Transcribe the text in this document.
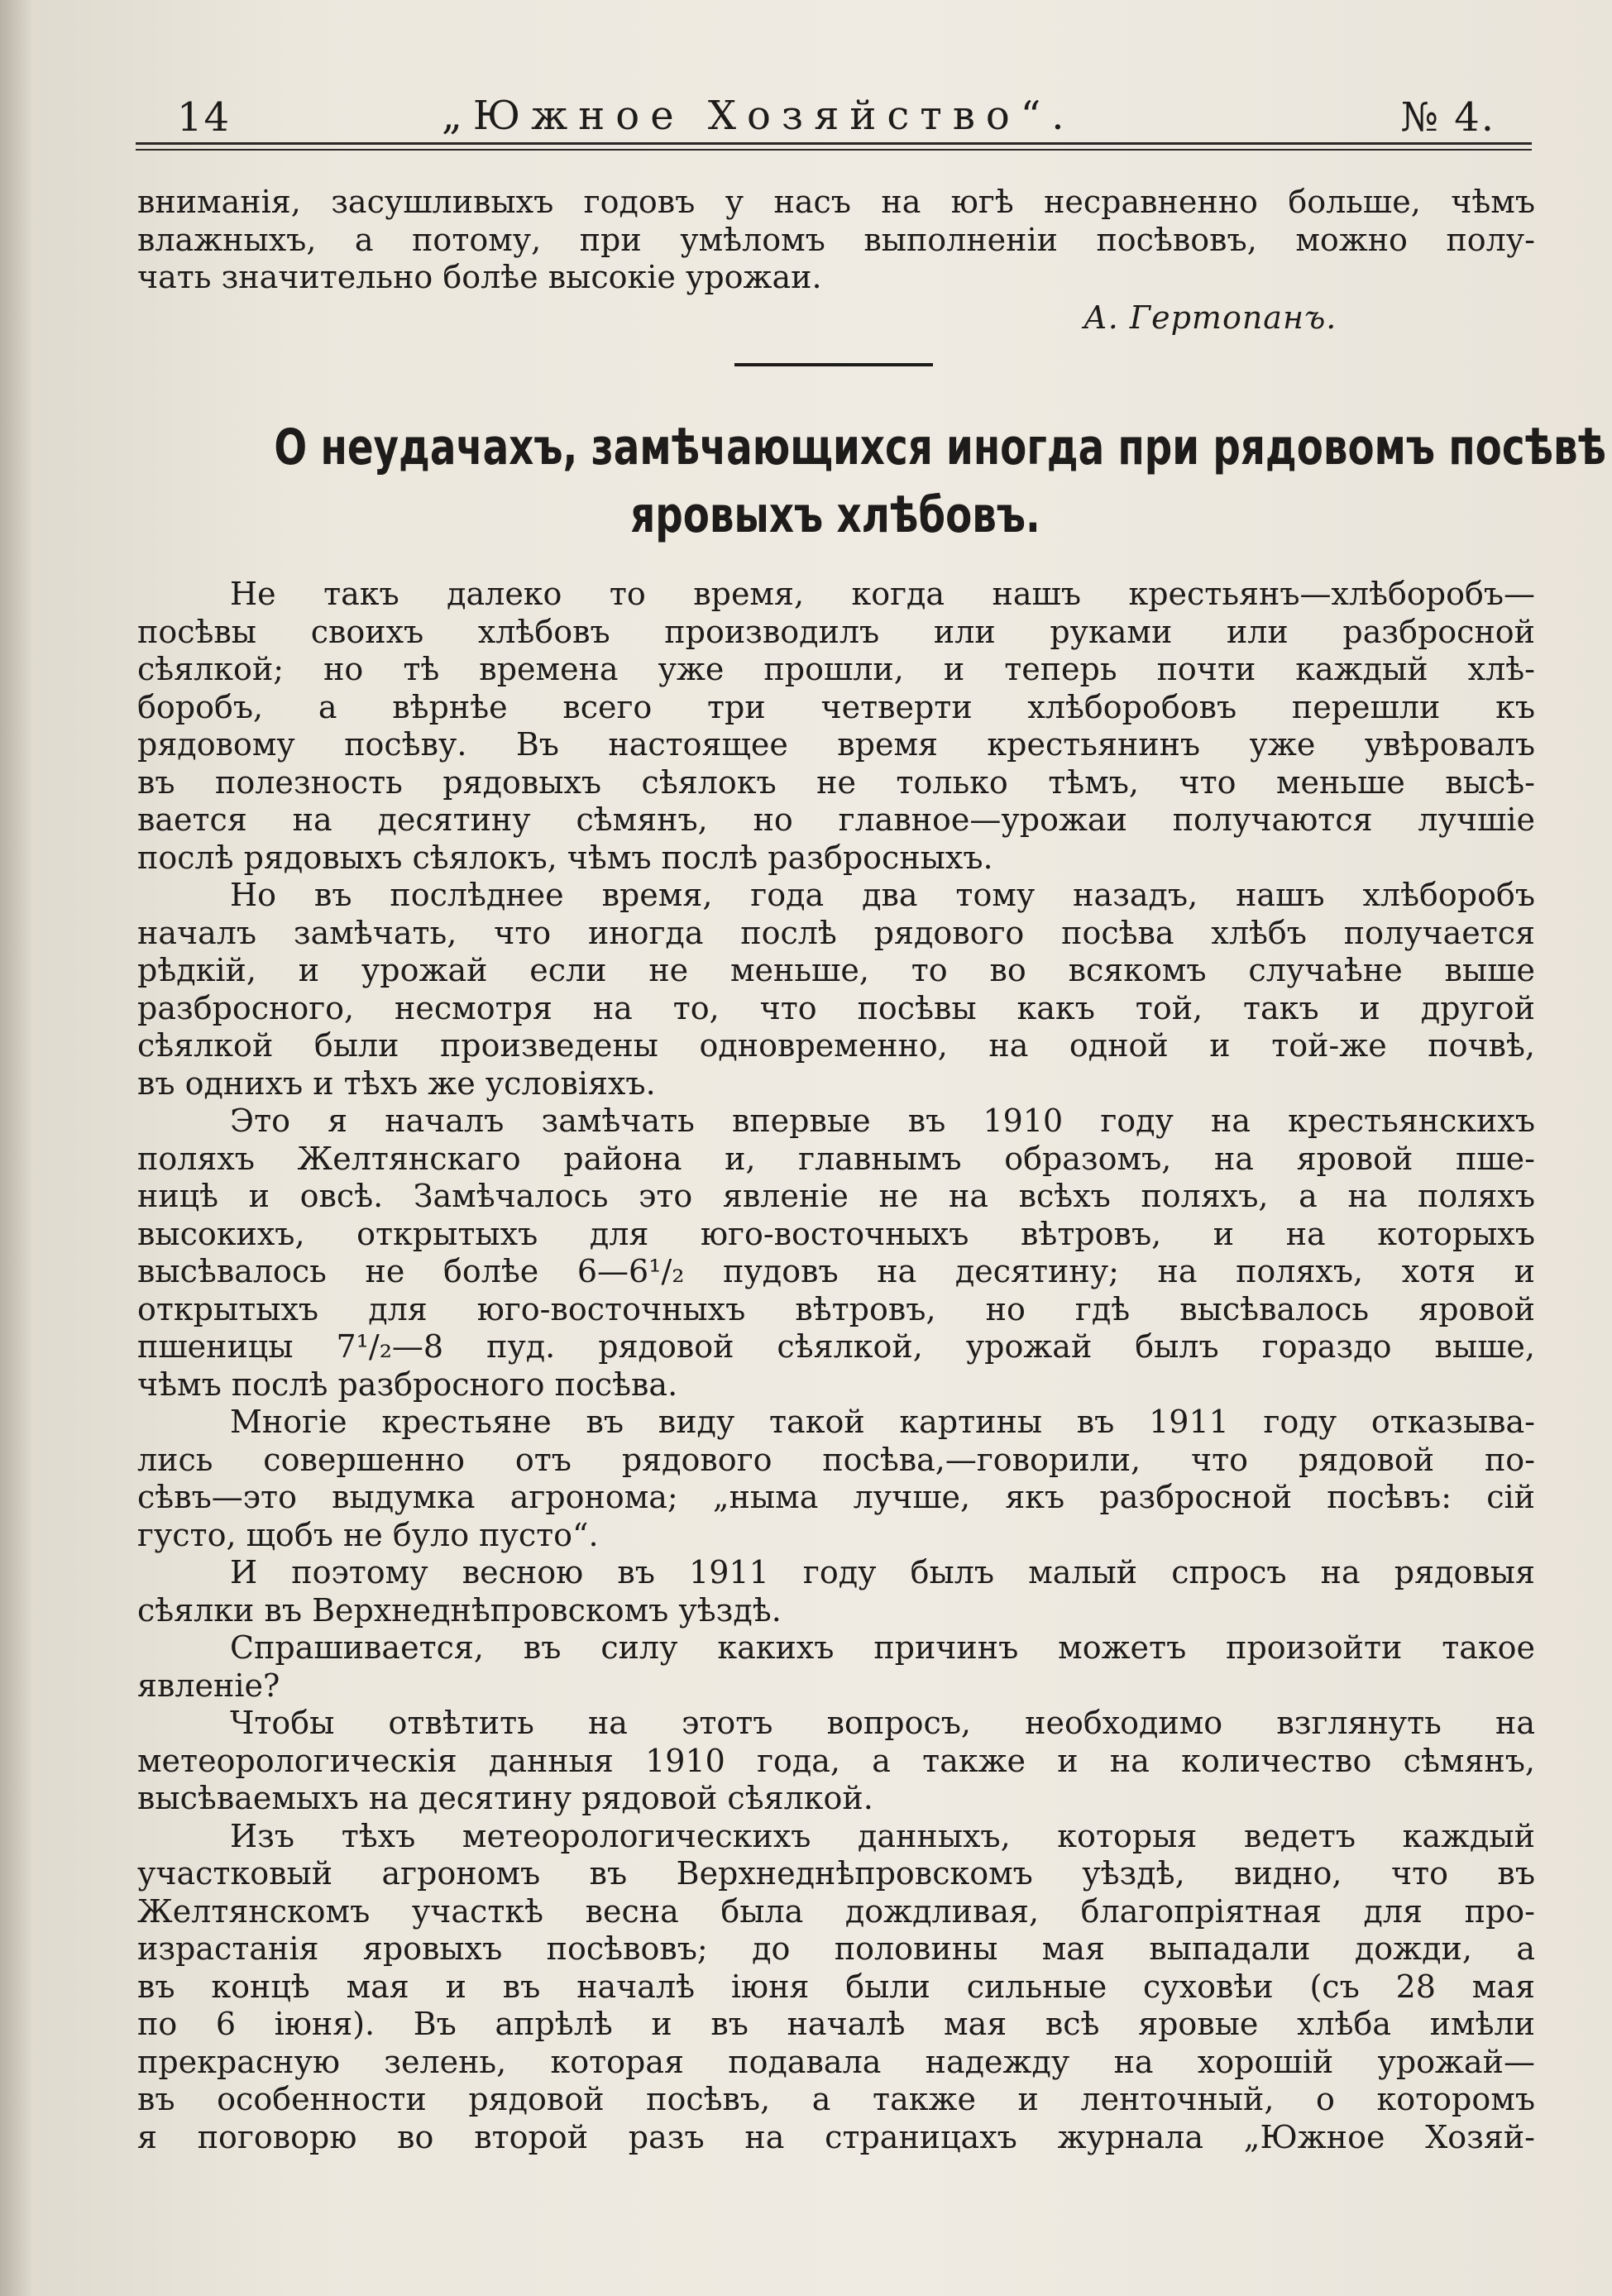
14	„Южное Хозяйство“.	№ 4.
вниманія, засушливыхъ годовъ у насъ на югѣ несравненно больше, чѣмъ
влажныхъ, а потому, при умѣломъ выполненіи посѣвовъ, можно полу-
чать значительно болѣе высокіе урожаи.
А. Гертопанъ.
О неудачахъ, замѣчающихся иногда при рядовомъ посѣвѣ
яровыхъ хлѣбовъ.
Не такъ далеко то время, когда нашъ крестьянъ—хлѣборобъ—
посѣвы своихъ хлѣбовъ производилъ или руками или разбросной
сѣялкой; но тѣ времена уже прошли, и теперь почти каждый хлѣ-
боробъ, а вѣрнѣе всего три четверти хлѣборобовъ перешли къ
рядовому посѣву. Въ настоящее время крестьянинъ уже увѣровалъ
въ полезность рядовыхъ сѣялокъ не только тѣмъ, что меньше высѣ-
вается на десятину сѣмянъ, но главное—урожаи получаются лучшіе
послѣ рядовыхъ сѣялокъ, чѣмъ послѣ разбросныхъ.
Но въ послѣднее время, года два тому назадъ, нашъ хлѣборобъ
началъ замѣчать, что иногда послѣ рядового посѣва хлѣбъ получается
рѣдкій, и урожай если не меньше, то во всякомъ случаѣне выше
разбросного, несмотря на то, что посѣвы какъ той, такъ и другой
сѣялкой были произведены одновременно, на одной и той-же почвѣ,
въ однихъ и тѣхъ же условіяхъ.
Это я началъ замѣчать впервые въ 1910 году на крестьянскихъ
поляхъ Желтянскаго района и, главнымъ образомъ, на яровой пше-
ницѣ и овсѣ. Замѣчалось это явленіе не на всѣхъ поляхъ, а на поляхъ
высокихъ, открытыхъ для юго-восточныхъ вѣтровъ, и на которыхъ
высѣвалось не болѣе 6—6¹/₂ пудовъ на десятину; на поляхъ, хотя и
открытыхъ для юго-восточныхъ вѣтровъ, но гдѣ высѣвалось яровой
пшеницы 7¹/₂—8 пуд. рядовой сѣялкой, урожай былъ гораздо выше,
чѣмъ послѣ разбросного посѣва.
Многіе крестьяне въ виду такой картины въ 1911 году отказыва-
лись совершенно отъ рядового посѣва,—говорили, что рядовой по-
сѣвъ—это выдумка агронома; „ныма лучше, якъ разбросной посѣвъ: сій
густо, щобъ не було пусто“.
И поэтому весною въ 1911 году былъ малый спросъ на рядовыя
сѣялки въ Верхнеднѣпровскомъ уѣздѣ.
Спрашивается, въ силу какихъ причинъ можетъ произойти такое
явленіе?
Чтобы отвѣтить на этотъ вопросъ, необходимо взглянуть на
метеорологическія данныя 1910 года, а также и на количество сѣмянъ,
высѣваемыхъ на десятину рядовой сѣялкой.
Изъ тѣхъ метеорологическихъ данныхъ, которыя ведетъ каждый
участковый агрономъ въ Верхнеднѣпровскомъ уѣздѣ, видно, что въ
Желтянскомъ участкѣ весна была дождливая, благопріятная для про-
израстанія яровыхъ посѣвовъ; до половины мая выпадали дожди, а
въ концѣ мая и въ началѣ іюня были сильные суховѣи (съ 28 мая
по 6 іюня). Въ апрѣлѣ и въ началѣ мая всѣ яровые хлѣба имѣли
прекрасную зелень, которая подавала надежду на хорошій урожай—
въ особенности рядовой посѣвъ, а также и ленточный, о которомъ
я поговорю во второй разъ на страницахъ журнала „Южное Хозяй-
